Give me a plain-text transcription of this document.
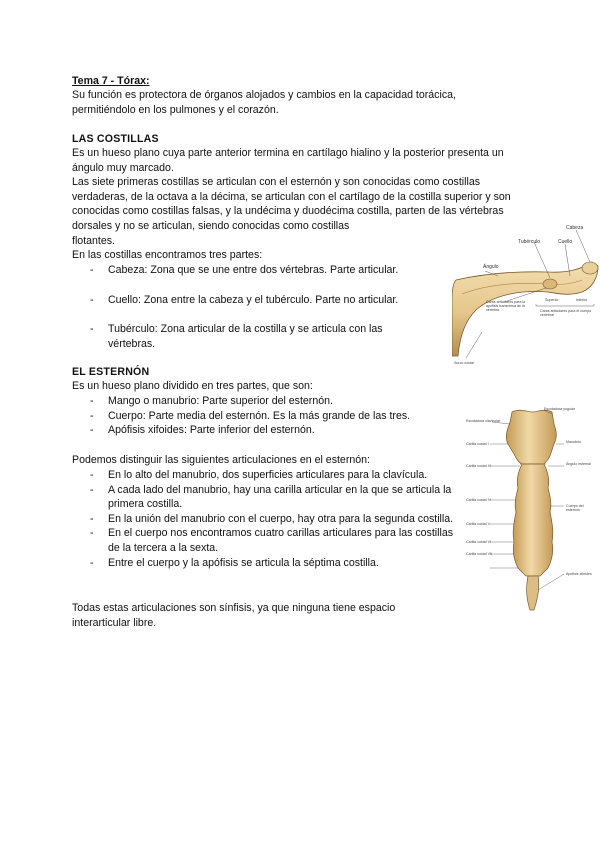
Tema 7 - Tórax:

Su función es protectora de órganos alojados y cambios en la capacidad torácica, permitiéndolo en los pulmones y el corazón.

LAS COSTILLAS

Es un hueso plano cuya parte anterior termina en cartílago hialino y la posterior presenta un ángulo muy marcado.

Las siete primeras costillas se articulan con el esternón y son conocidas como costillas verdaderas, de la octava a la décima, se articulan con el cartílago de la costilla superior y son conocidas como costillas falsas, y la undécima y duodécima costilla, parten de las vértebras dorsales y no se articulan, siendo conocidas como costillas

flotantes.

En las costillas encontramos tres partes:

- Cabeza: Zona que se une entre dos vértebras. Parte articular.
- Cuello: Zona entre la cabeza y el tubérculo. Parte no articular.
- Tubérculo: Zona articular de la costilla y se articula con las vértebras.
EL ESTERNÓN

Es un hueso plano dividido en tres partes, que son:

- Mango o manubrio: Parte superior del esternón.
- Cuerpo: Parte media del esternón. Es la más grande de las tres.
- Apófisis xifoides: Parte inferior del esternón.

Podemos distinguir las siguientes articulaciones en el esternón:

- En lo alto del manubrio, dos superficies articulares para la clavícula.
- A cada lado del manubrio, hay una carilla articular en la que se articula la primera costilla.
- En la unión del manubrio con el cuerpo, hay otra para la segunda costilla.
- En el cuerpo nos encontramos cuatro carillas articulares para las costillas de la tercera a la sexta.
- Entre el cuerpo y la apófisis se articula la séptima costilla.

Todas estas articulaciones son sínfisis, ya que ninguna tiene espacio interarticular libre.

Cabeza
Tubérculo	Cuello
Ángulo
Caras articulares para la apófisis transversa de la vértebra
Superior	Inferior
Caras articulares para el cuerpo vertebral
Surco costal
Escotadura yugular
Escotadura clavicular
Manubrio
Carilla costal I
Ángulo esternal
Carilla costal III
Cuerpo del esternón
Carilla costal IV
Carilla costal V
Carilla costal VI
Carilla costal VII
Apófisis xifoides
